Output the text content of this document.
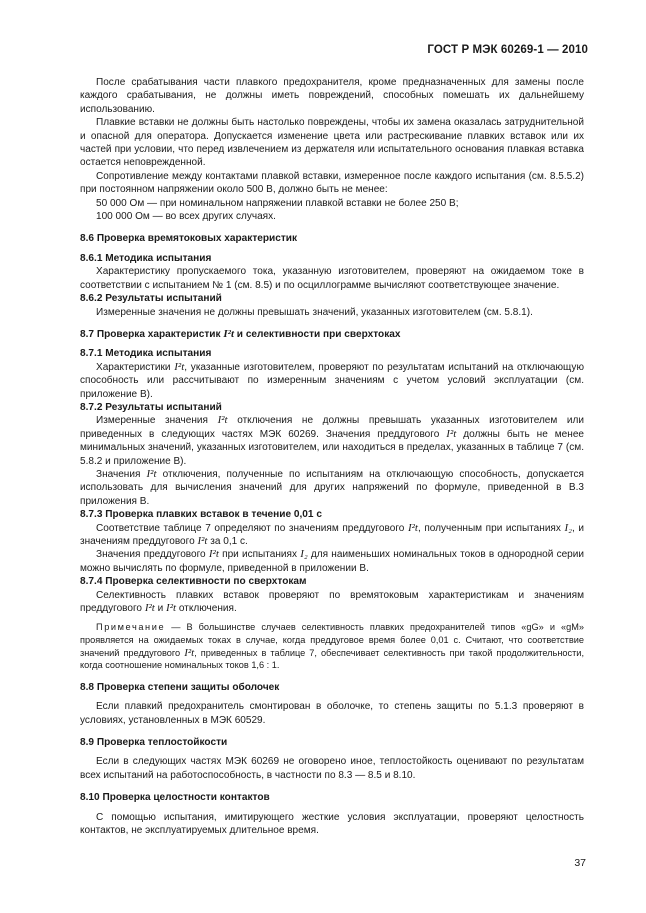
ГОСТ Р МЭК 60269-1 — 2010

После срабатывания части плавкого предохранителя, кроме предназначенных для замены после каждого срабатывания, не должны иметь повреждений, способных помешать их дальнейшему использованию.

Плавкие вставки не должны быть настолько повреждены, чтобы их замена оказалась затруднительной и опасной для оператора. Допускается изменение цвета или растрескивание плавких вставок или их частей при условии, что перед извлечением из держателя или испытательного основания плавкая вставка остается неповрежденной.

Сопротивление между контактами плавкой вставки, измеренное после каждого испытания (см. 8.5.5.2) при постоянном напряжении около 500 В, должно быть не менее:

50 000 Ом — при номинальном напряжении плавкой вставки не более 250 В;

100 000 Ом — во всех других случаях.

8.6 Проверка времятоковых характеристик
8.6.1 Методика испытания

Характеристику пропускаемого тока, указанную изготовителем, проверяют на ожидаемом токе в соответствии с испытанием № 1 (см. 8.5) и по осциллограмме вычисляют соответствующее значение.

8.6.2 Результаты испытаний

Измеренные значения не должны превышать значений, указанных изготовителем (см. 5.8.1).

8.7 Проверка характеристик I²t и селективности при сверхтоках
8.7.1 Методика испытания

Характеристики I²t, указанные изготовителем, проверяют по результатам испытаний на отключающую способность или рассчитывают по измеренным значениям с учетом условий эксплуатации (см. приложение В).

8.7.2 Результаты испытаний

Измеренные значения I²t отключения не должны превышать указанных изготовителем или приведенных в следующих частях МЭК 60269. Значения преддугового I²t должны быть не менее минимальных значений, указанных изготовителем, или находиться в пределах, указанных в таблице 7 (см. 5.8.2 и приложение В).

Значения I²t отключения, полученные по испытаниям на отключающую способность, допускается использовать для вычисления значений для других напряжений по формуле, приведенной в В.3 приложения В.

8.7.3 Проверка плавких вставок в течение 0,01 с

Соответствие таблице 7 определяют по значениям преддугового I²t, полученным при испытаниях I₂, и значениям преддугового I²t за 0,1 с.

Значения преддугового I²t при испытаниях I₂ для наименьших номинальных токов в однородной серии можно вычислять по формуле, приведенной в приложении В.

8.7.4 Проверка селективности по сверхтокам

Селективность плавких вставок проверяют по времятоковым характеристикам и значениям преддугового I²t и I²t отключения.

Примечание — В большинстве случаев селективность плавких предохранителей типов «gG» и «gM» проявляется на ожидаемых токах в случае, когда преддуговое время более 0,01 с. Считают, что соответствие значений преддугового I²t, приведенных в таблице 7, обеспечивает селективность при такой продолжительности, когда соотношение номинальных токов 1,6 : 1.

8.8 Проверка степени защиты оболочек

Если плавкий предохранитель смонтирован в оболочке, то степень защиты по 5.1.3 проверяют в условиях, установленных в МЭК 60529.

8.9 Проверка теплостойкости

Если в следующих частях МЭК 60269 не оговорено иное, теплостойкость оценивают по результатам всех испытаний на работоспособность, в частности по 8.3 — 8.5 и 8.10.

8.10 Проверка целостности контактов

С помощью испытания, имитирующего жесткие условия эксплуатации, проверяют целостность контактов, не эксплуатируемых длительное время.

37
